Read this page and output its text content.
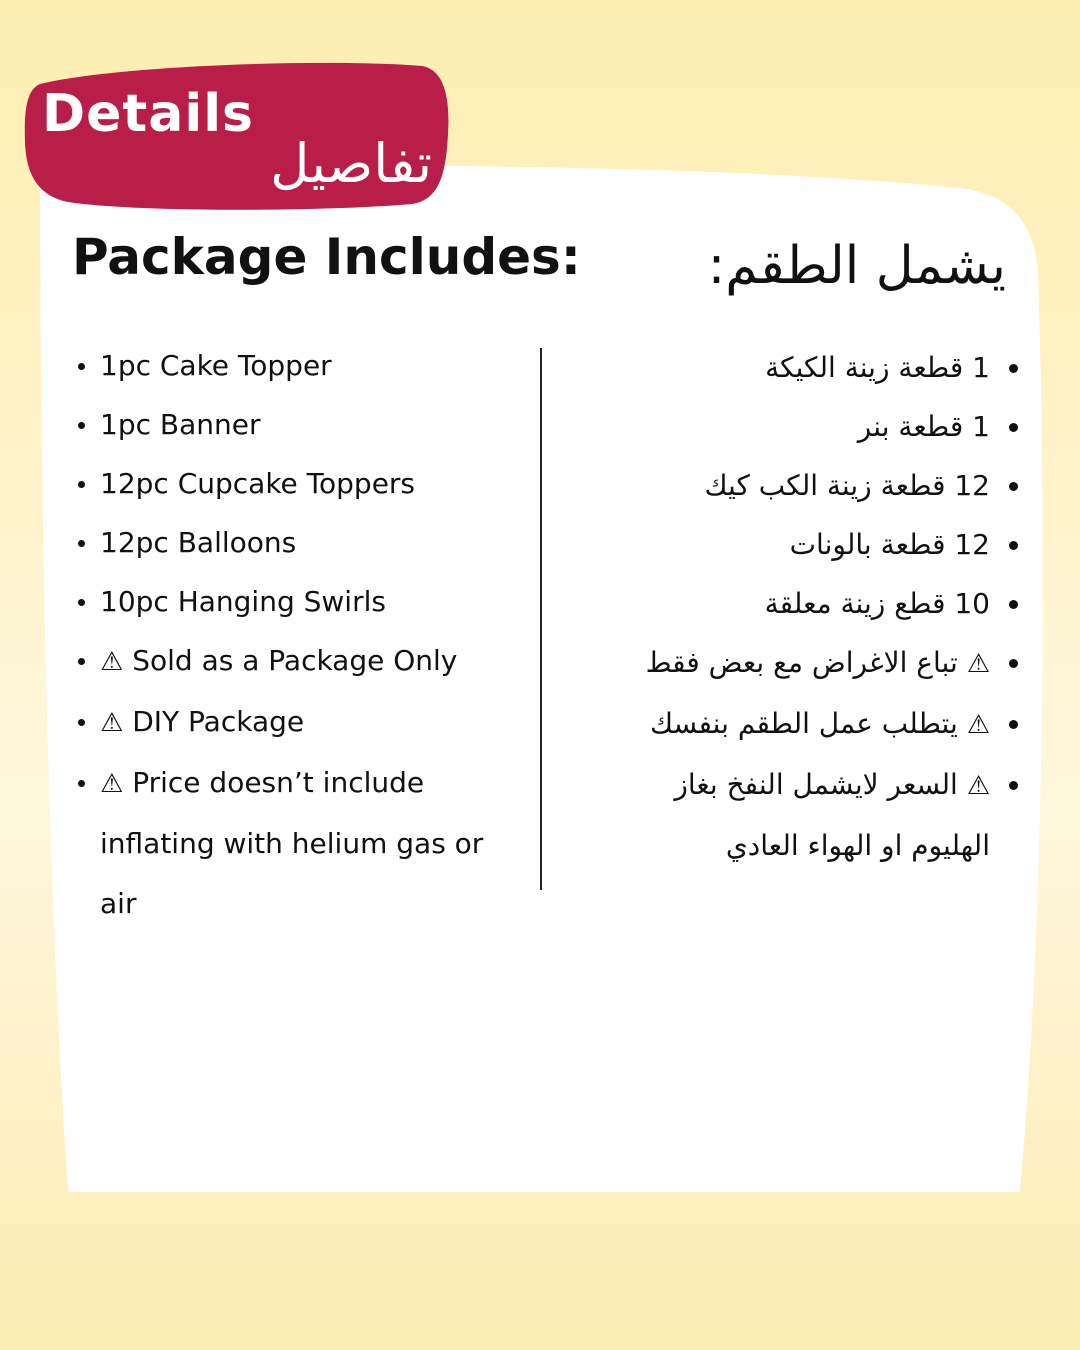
Details
تفاصيل
Package Includes:	يشمل الطقم:
1pc Cake Topper
1pc Banner
12pc Cupcake Toppers
12pc Balloons
10pc Hanging Swirls
⚠ Sold as a Package Only
⚠ DIY Package
⚠ Price doesn’t include
inflating with helium gas or air
1 قطعة زينة الكيكة
1 قطعة بنر
12 قطعة زينة الكب كيك
12 قطعة بالونات
10 قطع زينة معلقة
⚠ تباع الاغراض مع بعض فقط
⚠ يتطلب عمل الطقم بنفسك
⚠ السعر لايشمل النفخ بغاز
الهليوم او الهواء العادي
